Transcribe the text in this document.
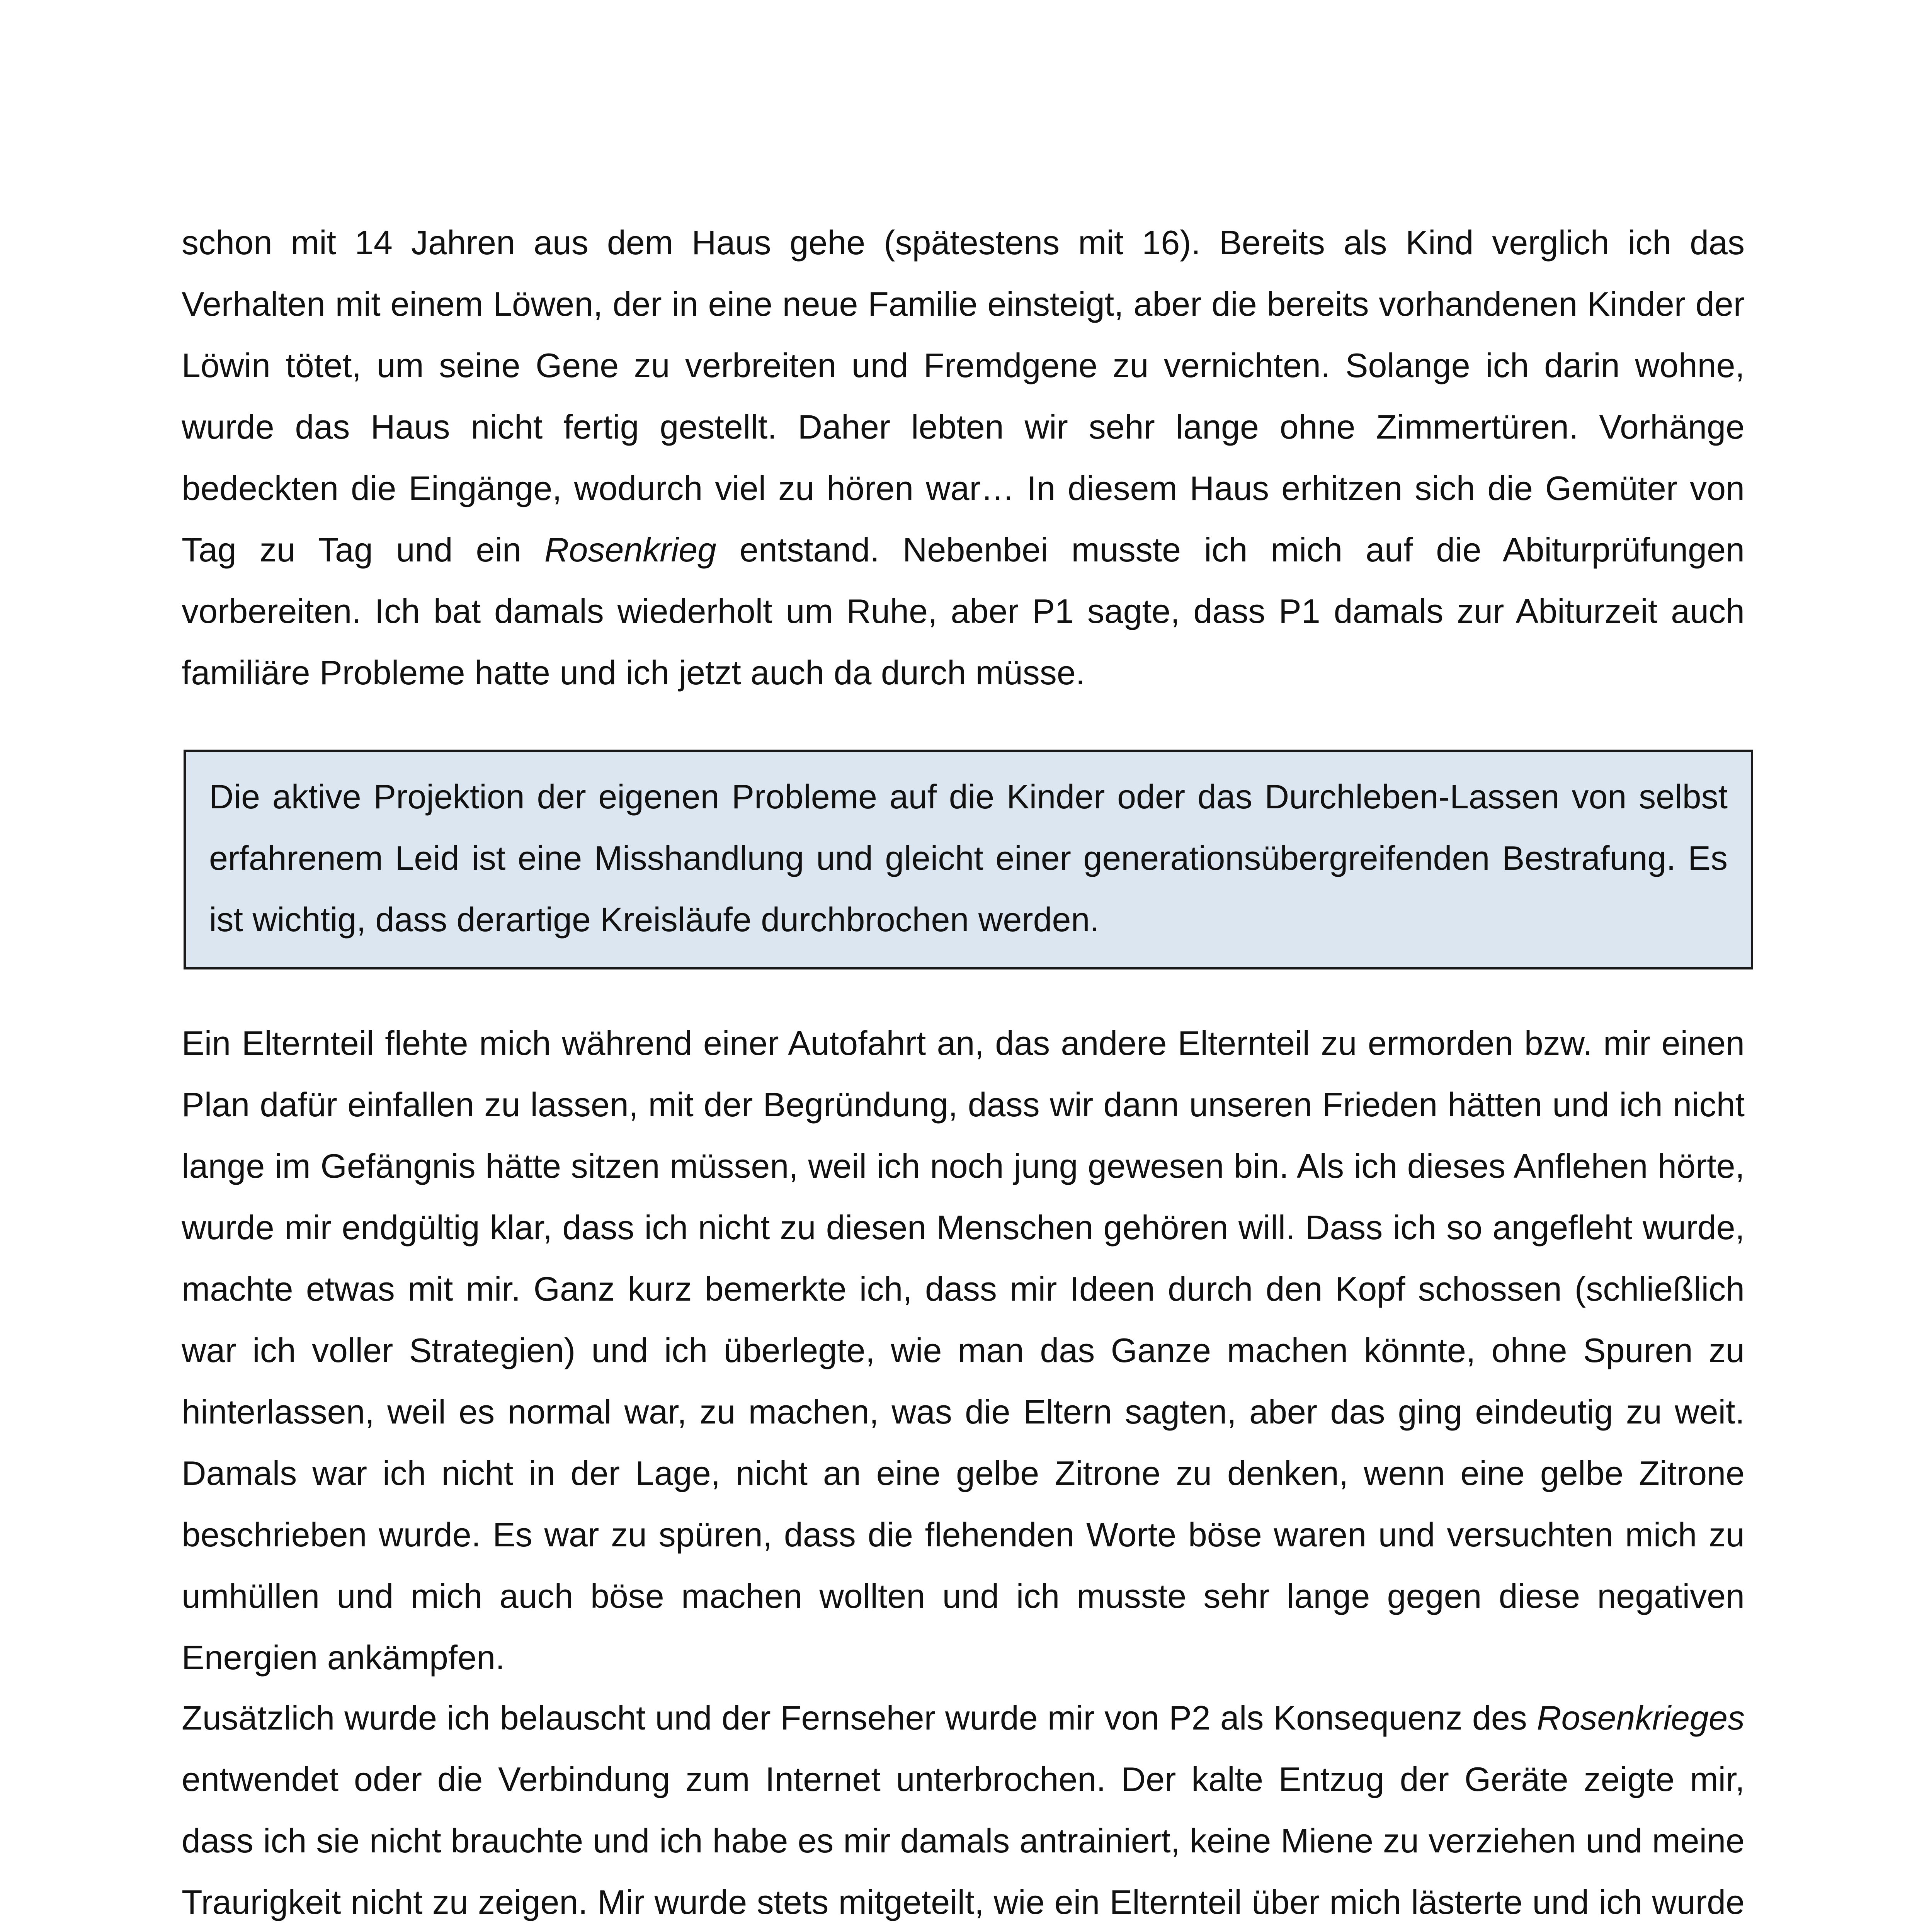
schon mit 14 Jahren aus dem Haus gehe (spätestens mit 16). Bereits als Kind verglich ich das Verhalten mit einem Löwen, der in eine neue Familie einsteigt, aber die bereits vorhandenen Kinder der Löwin tötet, um seine Gene zu verbreiten und Fremdgene zu vernichten. Solange ich darin wohne, wurde das Haus nicht fertig gestellt. Daher lebten wir sehr lange ohne Zimmertüren. Vorhänge bedeckten die Eingänge, wodurch viel zu hören war… In diesem Haus erhitzen sich die Gemüter von Tag zu Tag und ein Rosenkrieg entstand. Nebenbei musste ich mich auf die Abiturprüfungen vorbereiten. Ich bat damals wiederholt um Ruhe, aber P1 sagte, dass P1 damals zur Abiturzeit auch familiäre Probleme hatte und ich jetzt auch da durch müsse.

Die aktive Projektion der eigenen Probleme auf die Kinder oder das Durchleben-Lassen von selbst erfahrenem Leid ist eine Misshandlung und gleicht einer generationsübergreifenden Bestrafung. Es ist wichtig, dass derartige Kreisläufe durchbrochen werden.

Ein Elternteil flehte mich während einer Autofahrt an, das andere Elternteil zu ermorden bzw. mir einen Plan dafür einfallen zu lassen, mit der Begründung, dass wir dann unseren Frieden hätten und ich nicht lange im Gefängnis hätte sitzen müssen, weil ich noch jung gewesen bin. Als ich dieses Anflehen hörte, wurde mir endgültig klar, dass ich nicht zu diesen Menschen gehören will. Dass ich so angefleht wurde, machte etwas mit mir. Ganz kurz bemerkte ich, dass mir Ideen durch den Kopf schossen (schließlich war ich voller Strategien) und ich überlegte, wie man das Ganze machen könnte, ohne Spuren zu hinterlassen, weil es normal war, zu machen, was die Eltern sagten, aber das ging eindeutig zu weit. Damals war ich nicht in der Lage, nicht an eine gelbe Zitrone zu denken, wenn eine gelbe Zitrone beschrieben wurde. Es war zu spüren, dass die flehenden Worte böse waren und versuchten mich zu umhüllen und mich auch böse machen wollten und ich musste sehr lange gegen diese negativen Energien ankämpfen.

Zusätzlich wurde ich belauscht und der Fernseher wurde mir von P2 als Konsequenz des Rosenkrieges entwendet oder die Verbindung zum Internet unterbrochen. Der kalte Entzug der Geräte zeigte mir, dass ich sie nicht brauchte und ich habe es mir damals antrainiert, keine Miene zu verziehen und meine Traurigkeit nicht zu zeigen. Mir wurde stets mitgeteilt, wie ein Elternteil über mich lästerte und ich wurde
